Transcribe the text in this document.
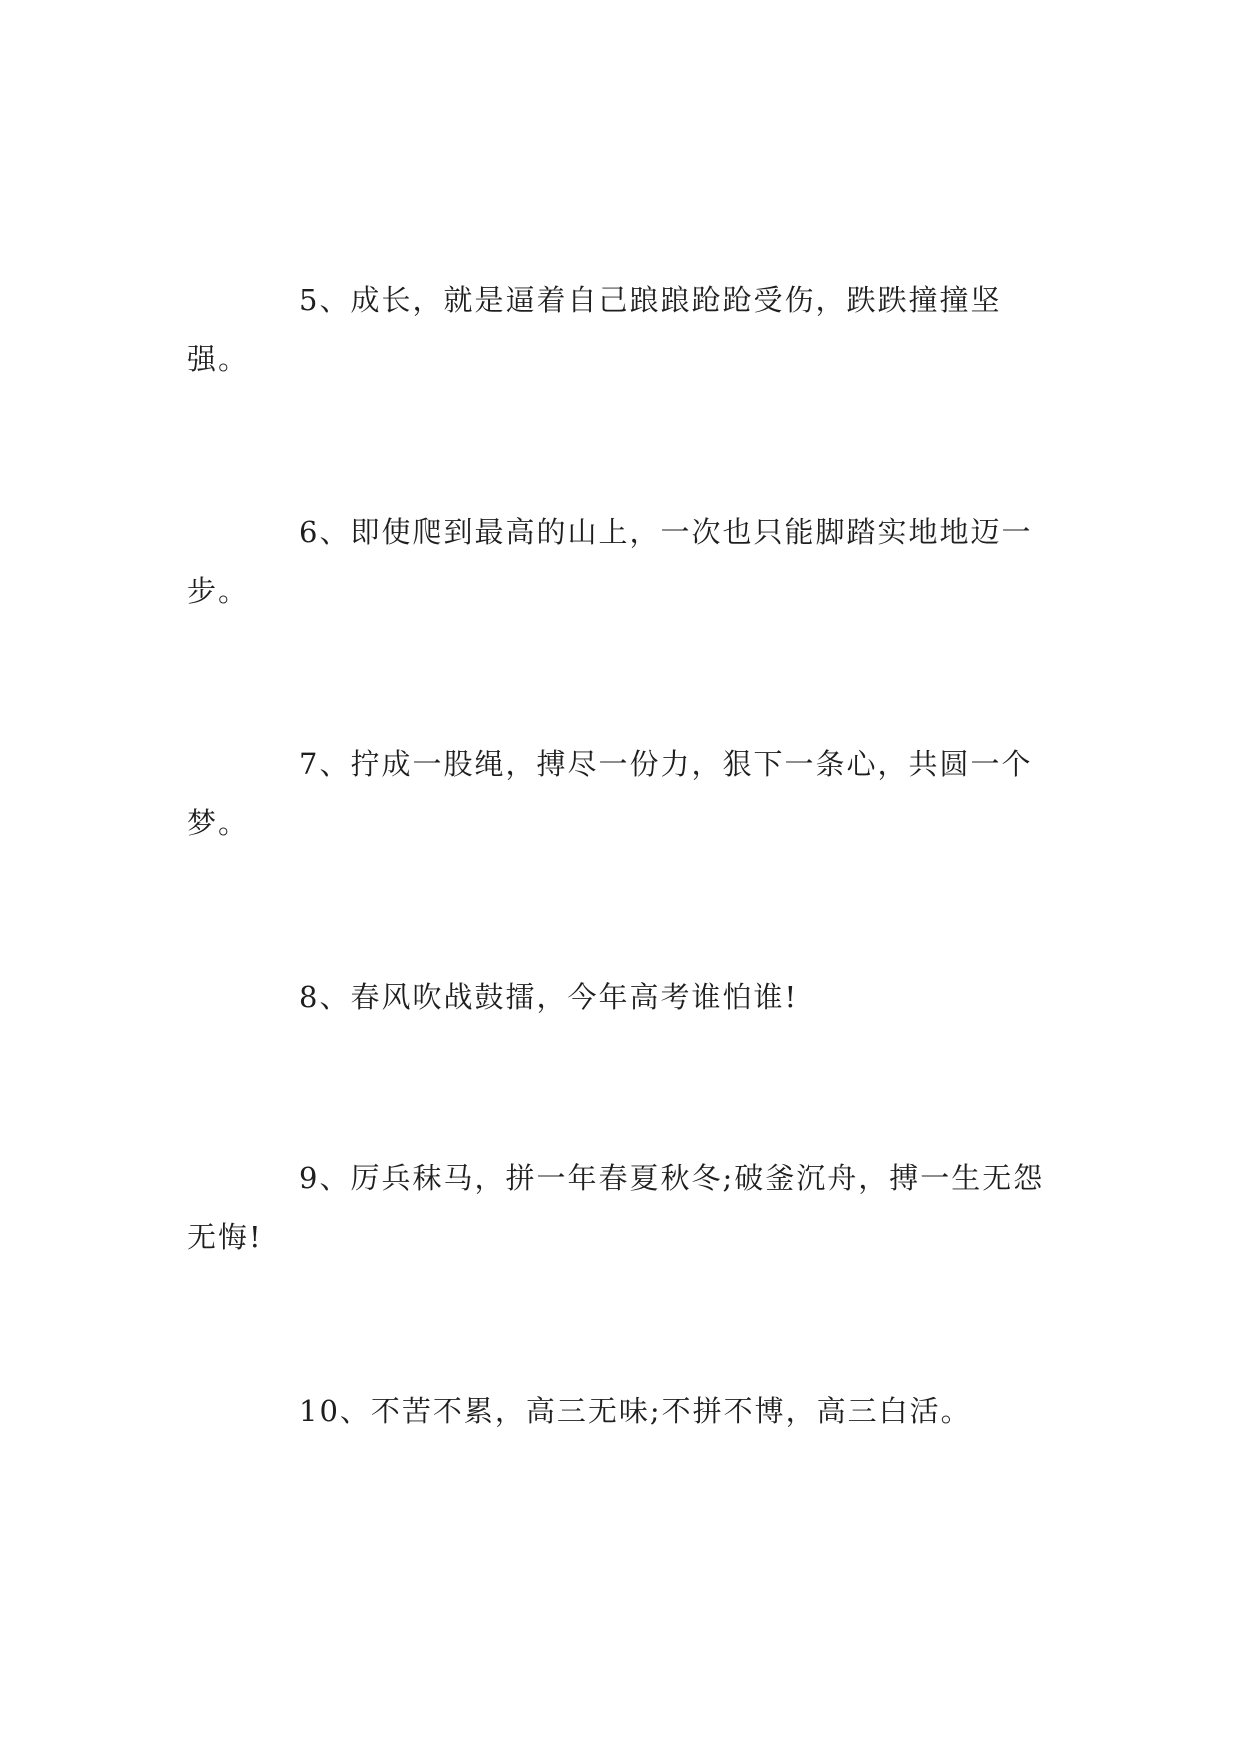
5、成长，就是逼着自己踉踉跄跄受伤，跌跌撞撞坚强。

6、即使爬到最高的山上，一次也只能脚踏实地地迈一步。

7、拧成一股绳，搏尽一份力，狠下一条心，共圆一个梦。

8、春风吹战鼓擂，今年高考谁怕谁!

9、厉兵秣马，拼一年春夏秋冬;破釜沉舟，搏一生无怨无悔!

10、不苦不累，高三无味;不拼不博，高三白活。
